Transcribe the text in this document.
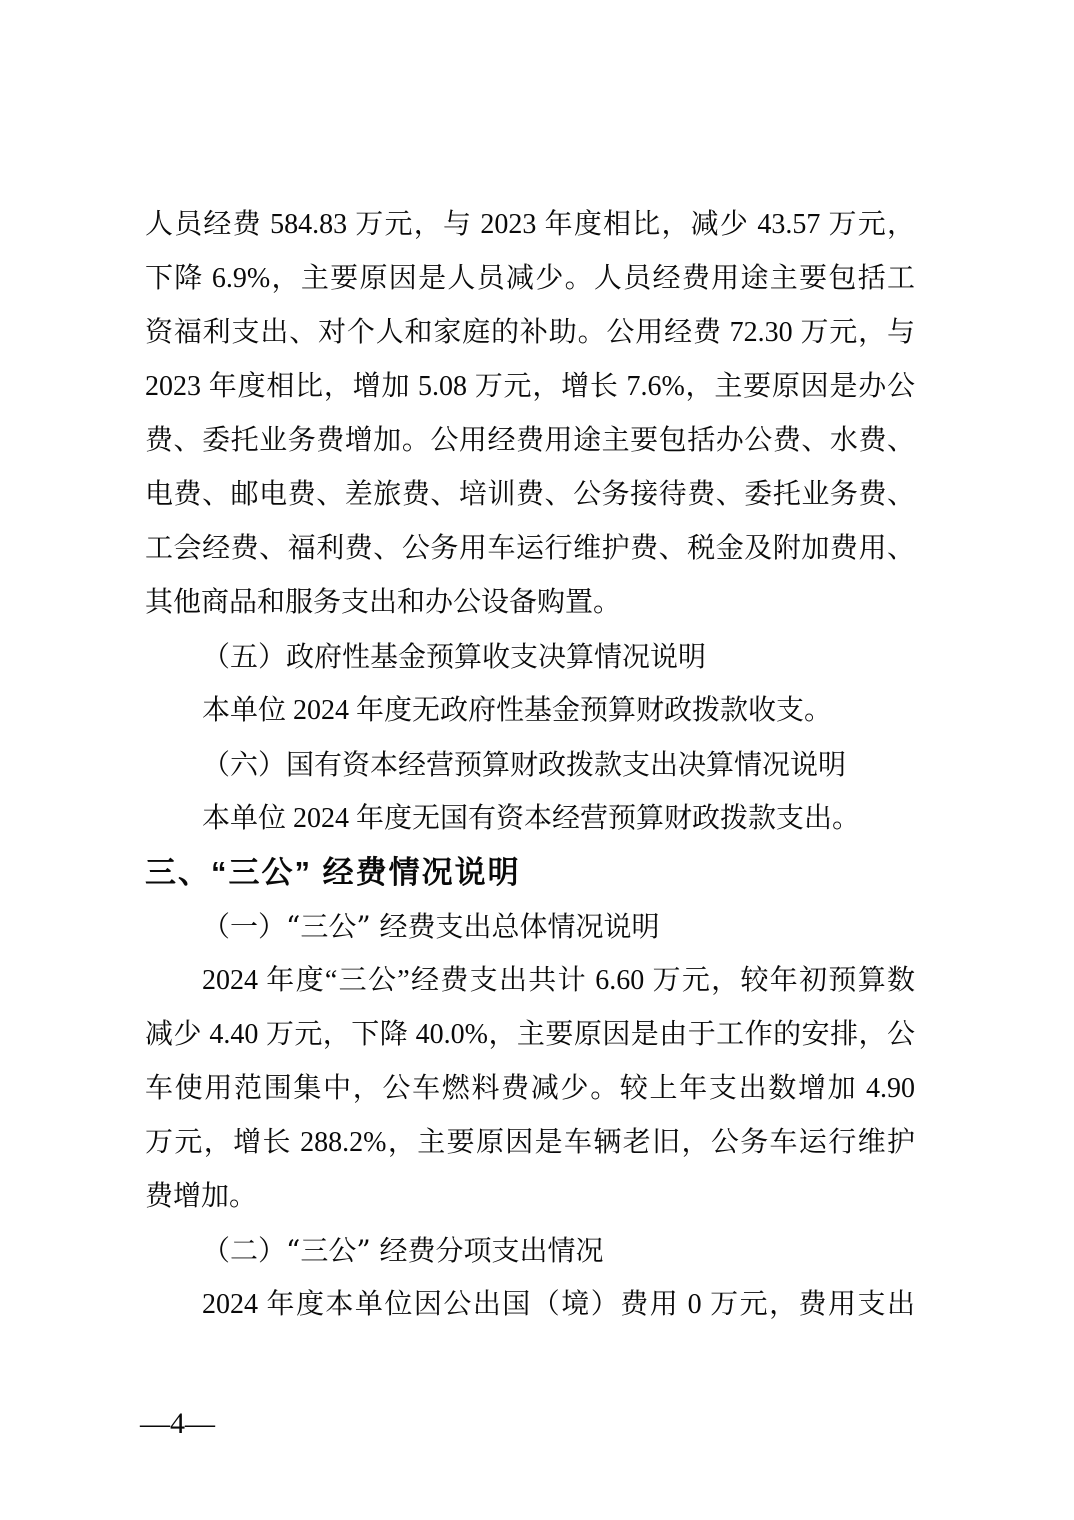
人员经费 584.83 万元，与 2023 年度相比，减少 43.57 万元，
下降 6.9%，主要原因是人员减少。人员经费用途主要包括工
资福利支出、对个人和家庭的补助。公用经费 72.30 万元，与
2023 年度相比，增加 5.08 万元，增长 7.6%，主要原因是办公
费、委托业务费增加。公用经费用途主要包括办公费、水费、
电费、邮电费、差旅费、培训费、公务接待费、委托业务费、
工会经费、福利费、公务用车运行维护费、税金及附加费用、
其他商品和服务支出和办公设备购置。
（五）政府性基金预算收支决算情况说明
本单位 2024 年度无政府性基金预算财政拨款收支。
（六）国有资本经营预算财政拨款支出决算情况说明
本单位 2024 年度无国有资本经营预算财政拨款支出。
三、“三公” 经费情况说明
（一）“三公” 经费支出总体情况说明
2024 年度“三公”经费支出共计 6.60 万元，较年初预算数
减少 4.40 万元，下降 40.0%，主要原因是由于工作的安排，公
车使用范围集中，公车燃料费减少。较上年支出数增加 4.90
万元，增长 288.2%，主要原因是车辆老旧，公务车运行维护
费增加。
（二）“三公” 经费分项支出情况
2024 年度本单位因公出国（境）费用 0 万元，费用支出
—4—
